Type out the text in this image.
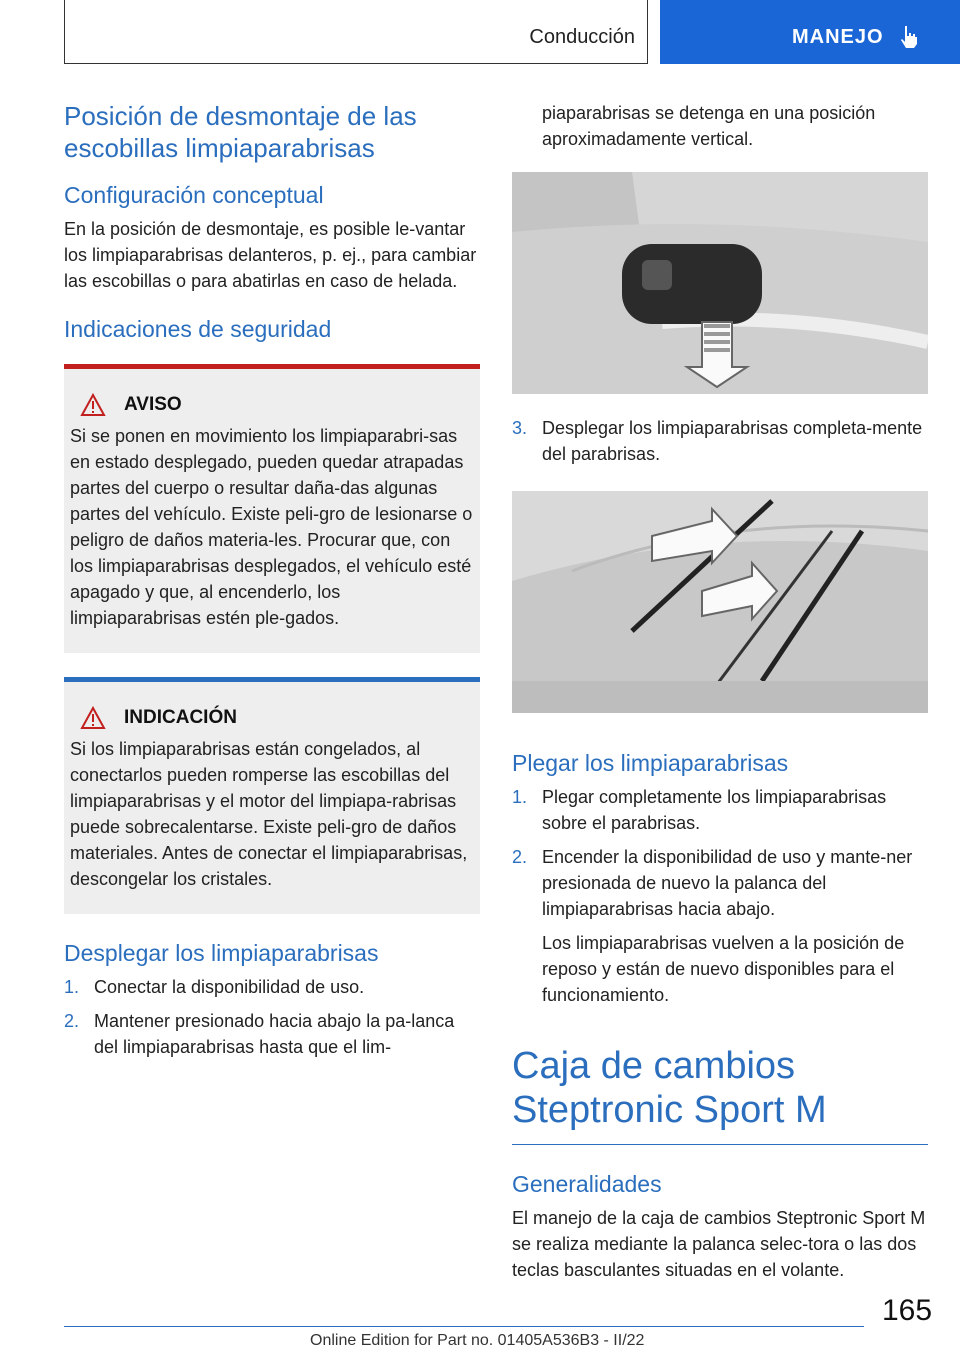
Conducción	MANEJO
Posición de desmontaje de las escobillas limpiaparabrisas
Configuración conceptual

En la posición de desmontaje, es posible le-vantar los limpiaparabrisas delanteros, p. ej., para cambiar las escobillas o para abatirlas en caso de helada.

Indicaciones de seguridad
AVISO

Si se ponen en movimiento los limpiaparabri-sas en estado desplegado, pueden quedar atrapadas partes del cuerpo o resultar daña-das algunas partes del vehículo. Existe peli-gro de lesionarse o peligro de daños materia-les. Procurar que, con los limpiaparabrisas desplegados, el vehículo esté apagado y que, al encenderlo, los limpiaparabrisas estén ple-gados.

INDICACIÓN

Si los limpiaparabrisas están congelados, al conectarlos pueden romperse las escobillas del limpiaparabrisas y el motor del limpiapa-rabrisas puede sobrecalentarse. Existe peli-gro de daños materiales. Antes de conectar el limpiaparabrisas, descongelar los cristales.

Desplegar los limpiaparabrisas
1. Conectar la disponibilidad de uso.
2. Mantener presionado hacia abajo la pa-lanca del limpiaparabrisas hasta que el lim-

piaparabrisas se detenga en una posición aproximadamente vertical.

3. Desplegar los limpiaparabrisas completa-mente del parabrisas.
Plegar los limpiaparabrisas
1. Plegar completamente los limpiaparabrisas sobre el parabrisas.
2. Encender la disponibilidad de uso y mante-ner presionada de nuevo la palanca del limpiaparabrisas hacia abajo.
Los limpiaparabrisas vuelven a la posición de reposo y están de nuevo disponibles para el funcionamiento.
Caja de cambios Steptronic Sport M
Generalidades

El manejo de la caja de cambios Steptronic Sport M se realiza mediante la palanca selec-tora o las dos teclas basculantes situadas en el volante.

165
Online Edition for Part no. 01405A536B3 - II/22
